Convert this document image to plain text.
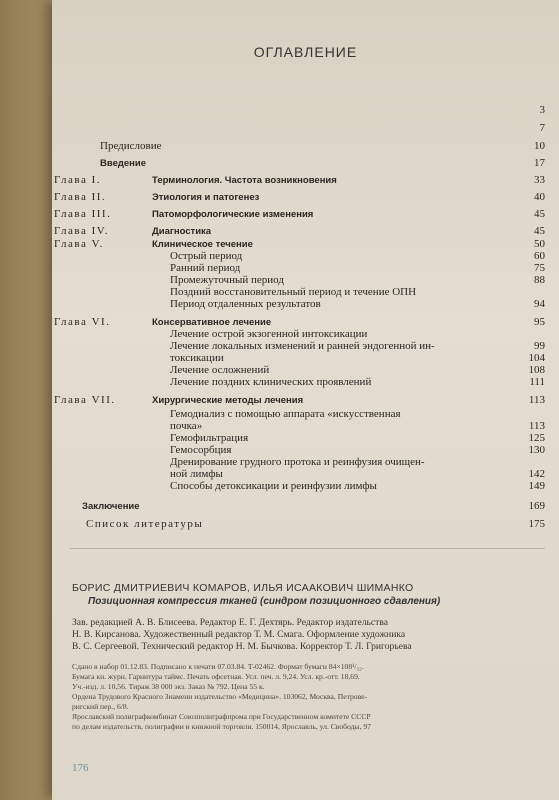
ОГЛАВЛЕНИЕ
3
7
Предисловие	10
Введение	17
Глава I.	Терминология. Частота возникновения	33
Глава II.	Этиология и патогенез	40
Глава III.	Патоморфологические изменения	45
Глава IV.	Диагностика	45
Глава V.	Клиническое течение	50
Острый период	60
Ранний период	75
Промежуточный период	88
Поздний восстановительный период и течение ОПН
Период отдаленных результатов	94
Глава VI.	Консервативное лечение	95
Лечение острой экзогенной интоксикации
Лечение локальных изменений и ранней эндогенной ин-	99
токсикации	104
Лечение осложнений	108
Лечение поздних клинических проявлений	111
Глава VII.	Хирургические методы лечения	113
Гемодиализ с помощью аппарата «искусственная
почка»	113
Гемофильтрация	125
Гемосорбция	130
Дренирование грудного протока и реинфузия очищен-
ной лимфы	142
Способы детоксикации и реинфузии лимфы	149
Заключение	169
Список литературы	175
БОРИС ДМИТРИЕВИЧ КОМАРОВ, ИЛЬЯ ИСААКОВИЧ ШИМАНКО
Позиционная компрессия тканей (синдром позиционного сдавления)
Зав. редакцией А. В. Блисеева. Редактор Е. Г. Дехтярь. Редактор издательства
Н. В. Кирсанова. Художественный редактор Т. М. Смага. Оформление художника
В. С. Сергеевой. Технический редактор Н. М. Бычкова. Корректор Т. Л. Григорьева
Сдано в набор 01.12.83. Подписано к печати 07.03.84. Т-02462. Формат бумаги 84×108¹/₃₂.
Бумага кн. журн. Гарнитура таймс. Печать офсетная. Усл. печ. л. 9,24. Усл. кр.-отт. 18,69.
Уч.-изд. л. 10,56. Тираж 38 000 экз. Заказ № 792. Цена 55 к.
Ордена Трудового Красного Знамени издательство «Медицина». 103062, Москва, Петрове-
ригский пер., 6/8.
Ярославский полиграфкомбинат Союзполиграфпрома при Государственном комитете СССР
по делам издательств, полиграфии и книжной торговли. 150014, Ярославль, ул. Свободы, 97
176
